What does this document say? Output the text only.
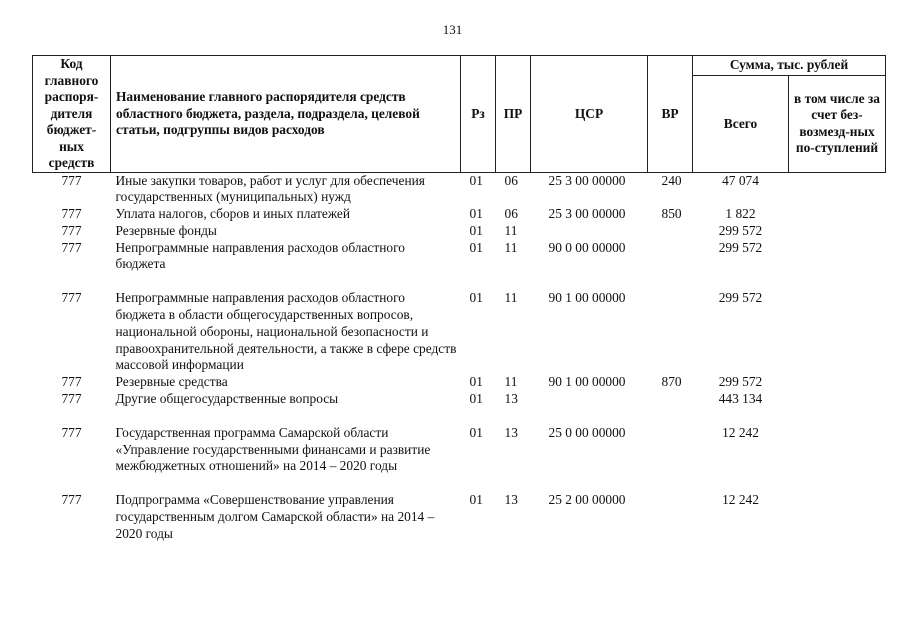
131
Код главного распоря-дителя бюджет-ных средств	Наименование главного распорядителя средств областного бюджета, раздела, подраздела, целевой статьи, подгруппы видов расходов	Рз	ПР	ЦСР	ВР	Сумма, тыс. рублей	
						Всего	в том числе за счет без-возмезд-ных по-ступлений
777	Иные закупки товаров, работ и услуг для обеспечения государственных (муниципальных) нужд	01	06	25 3 00 00000	240	47 074	
777	Уплата налогов, сборов и иных платежей	01	06	25 3 00 00000	850	1 822	
777	Резервные фонды	01	11			299 572	
777	Непрограммные направления расходов областного бюджета	01	11	90 0 00 00000		299 572	
777	Непрограммные направления расходов областного бюджета в области общегосударственных вопросов, национальной обороны, национальной безопасности и правоохранительной деятельности, а также в сфере средств массовой информации	01	11	90 1 00 00000		299 572	
777	Резервные средства	01	11	90 1 00 00000	870	299 572	
777	Другие общегосударственные вопросы	01	13			443 134	
777	Государственная программа Самарской области «Управление государственными финансами и развитие межбюджетных отношений» на 2014 – 2020 годы	01	13	25 0 00 00000		12 242	
777	Подпрограмма «Совершенствование управления государственным долгом Самарской области» на 2014 – 2020 годы	01	13	25 2 00 00000		12 242	
